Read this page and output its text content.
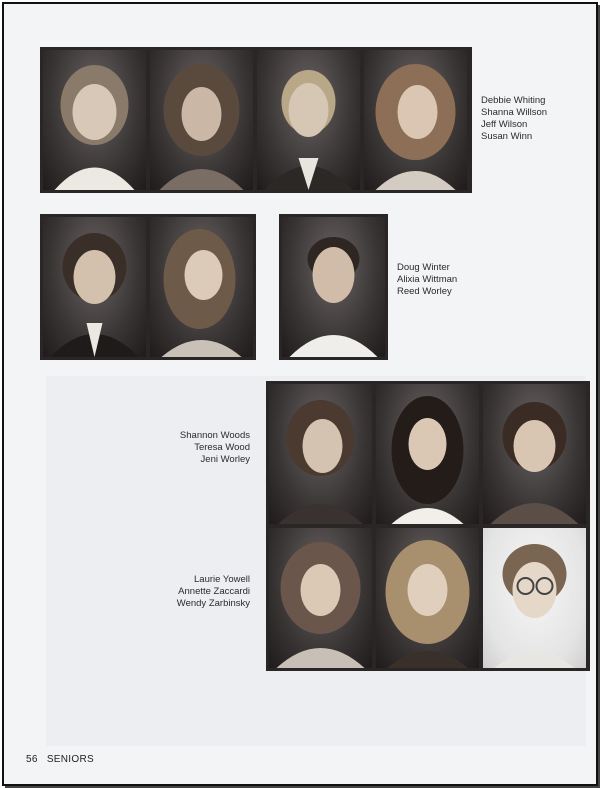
Debbie Whiting
Shanna Willson
Jeff Wilson
Susan Winn
Doug Winter
Alixia Wittman
Reed Worley
Shannon Woods
Teresa Wood
Jeni Worley
Laurie Yowell
Annette Zaccardi
Wendy Zarbinsky
56 SENIORS
